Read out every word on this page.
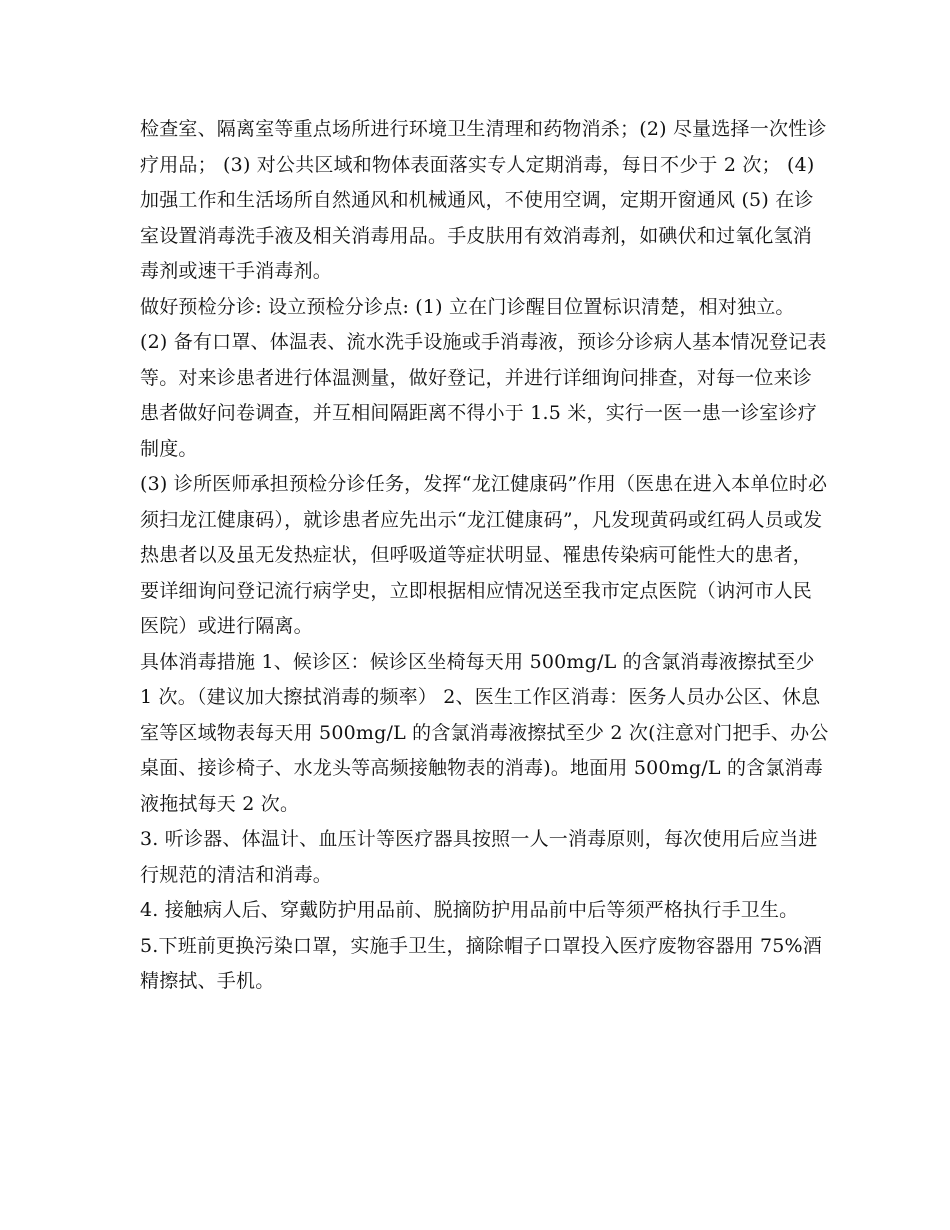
检查室、隔离室等重点场所进行环境卫生清理和药物消杀；(2) 尽量选择一次性诊疗用品； (3) 对公共区域和物体表面落实专人定期消毒，每日不少于 2 次； (4) 加强工作和生活场所自然通风和机械通风，不使用空调，定期开窗通风 (5) 在诊室设置消毒洗手液及相关消毒用品。手皮肤用有效消毒剂，如碘伏和过氧化氢消毒剂或速干手消毒剂。

做好预检分诊: 设立预检分诊点: (1) 立在门诊醒目位置标识清楚，相对独立。

(2) 备有口罩、体温表、流水洗手设施或手消毒液，预诊分诊病人基本情况登记表等。对来诊患者进行体温测量，做好登记，并进行详细询问排查，对每一位来诊患者做好问卷调查，并互相间隔距离不得小于 1.5 米，实行一医一患一诊室诊疗制度。

(3) 诊所医师承担预检分诊任务，发挥“龙江健康码”作用（医患在进入本单位时必须扫龙江健康码），就诊患者应先出示“龙江健康码”，凡发现黄码或红码人员或发热患者以及虽无发热症状，但呼吸道等症状明显、罹患传染病可能性大的患者，要详细询问登记流行病学史，立即根据相应情况送至我市定点医院（讷河市人民医院）或进行隔离。

具体消毒措施 1、候诊区：候诊区坐椅每天用 500mg/L 的含氯消毒液擦拭至少 1 次。（建议加大擦拭消毒的频率） 2、医生工作区消毒：医务人员办公区、休息室等区域物表每天用 500mg/L 的含氯消毒液擦拭至少 2 次(注意对门把手、办公桌面、接诊椅子、水龙头等高频接触物表的消毒)。地面用 500mg/L 的含氯消毒液拖拭每天 2 次。

3. 听诊器、体温计、血压计等医疗器具按照一人一消毒原则，每次使用后应当进行规范的清洁和消毒。

4. 接触病人后、穿戴防护用品前、脱摘防护用品前中后等须严格执行手卫生。

5.下班前更换污染口罩，实施手卫生，摘除帽子口罩投入医疗废物容器用 75%酒精擦拭、手机。
